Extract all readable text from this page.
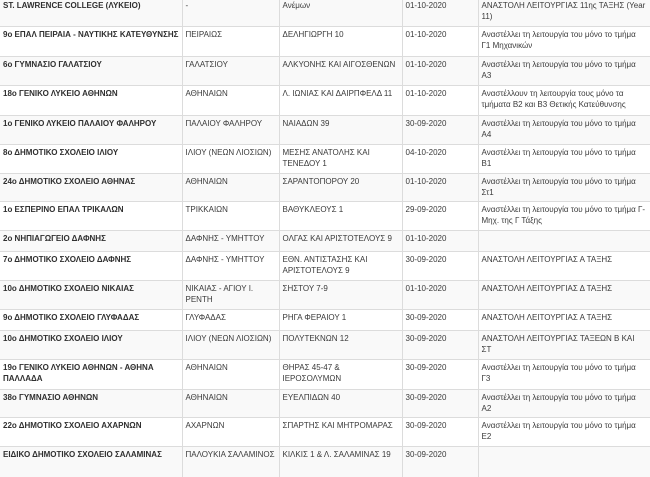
ST. LAWRENCE COLLEGE (ΛΥΚΕΙΟ)	-	Ανέμων	01-10-2020	ΑΝΑΣΤΟΛΗ ΛΕΙΤΟΥΡΓΙΑΣ 11ης ΤΑΞΗΣ (Year 11)
9ο ΕΠΑΛ ΠΕΙΡΑΙΑ - ΝΑΥΤΙΚΗΣ ΚΑΤΕΥΘΥΝΣΗΣ	ΠΕΙΡΑΙΩΣ	ΔΕΛΗΓΙΩΡΓΗ 10	01-10-2020	Αναστέλλει τη λειτουργία του μόνο το τμήμα Γ1 Μηχανικών
6ο ΓΥΜΝΑΣΙΟ ΓΑΛΑΤΣΙΟΥ	ΓΑΛΑΤΣΙΟΥ	ΑΛΚΥΟΝΗΣ ΚΑΙ ΑΙΓΟΣΘΕΝΩΝ	01-10-2020	Αναστέλλει τη λειτουργία του μόνο το τμήμα Α3
18ο ΓΕΝΙΚΟ ΛΥΚΕΙΟ ΑΘΗΝΩΝ	ΑΘΗΝΑΙΩΝ	Λ. ΙΩΝΙΑΣ ΚΑΙ ΔΑΙΡΠΦΕΛΔ 11	01-10-2020	Αναστέλλουν τη λειτουργία τους μόνο τα τμήματα Β2 και Β3 Θετικής Κατεύθυνσης
1ο ΓΕΝΙΚΟ ΛΥΚΕΙΟ ΠΑΛΑΙΟΥ ΦΑΛΗΡΟΥ	ΠΑΛΑΙΟΥ ΦΑΛΗΡΟΥ	ΝΑΙΑΔΩΝ 39	30-09-2020	Αναστέλλει τη λειτουργία του μόνο το τμήμα Α4
8ο ΔΗΜΟΤΙΚΟ ΣΧΟΛΕΙΟ ΙΛΙΟΥ	ΙΛΙΟΥ (ΝΕΩΝ ΛΙΟΣΙΩΝ)	ΜΕΣΗΣ ΑΝΑΤΟΛΗΣ ΚΑΙ ΤΕΝΕΔΟΥ 1	04-10-2020	Αναστέλλει τη λειτουργία του μόνο το τμήμα Β1
24ο ΔΗΜΟΤΙΚΟ ΣΧΟΛΕΙΟ ΑΘΗΝΑΣ	ΑΘΗΝΑΙΩΝ	ΣΑΡΑΝΤΟΠΟΡΟΥ 20	01-10-2020	Αναστέλλει τη λειτουργία του μόνο το τμήμα Στ1
1ο ΕΣΠΕΡΙΝΟ ΕΠΑΛ ΤΡΙΚΑΛΩΝ	ΤΡΙΚΚΑΙΩΝ	ΒΑΘΥΚΛΕΟΥΣ 1	29-09-2020	Αναστέλλει τη λειτουργία του μόνο το τμήμα Γ-Μηχ. της Γ Τάξης
2ο ΝΗΠΙΑΓΩΓΕΙΟ ΔΑΦΝΗΣ	ΔΑΦΝΗΣ - ΥΜΗΤΤΟΥ	ΟΛΓΑΣ ΚΑΙ ΑΡΙΣΤΟΤΕΛΟΥΣ 9	01-10-2020	
7ο ΔΗΜΟΤΙΚΟ ΣΧΟΛΕΙΟ ΔΑΦΝΗΣ	ΔΑΦΝΗΣ - ΥΜΗΤΤΟΥ	ΕΘΝ. ΑΝΤΙΣΤΑΣΗΣ ΚΑΙ ΑΡΙΣΤΟΤΕΛΟΥΣ 9	30-09-2020	ΑΝΑΣΤΟΛΗ ΛΕΙΤΟΥΡΓΙΑΣ Α ΤΑΞΗΣ
10ο ΔΗΜΟΤΙΚΟ ΣΧΟΛΕΙΟ ΝΙΚΑΙΑΣ	ΝΙΚΑΙΑΣ - ΑΓΙΟΥ Ι. ΡΕΝΤΗ	ΣΗΣΤΟΥ 7-9	01-10-2020	ΑΝΑΣΤΟΛΗ ΛΕΙΤΟΥΡΓΙΑΣ Δ ΤΑΞΗΣ
9ο ΔΗΜΟΤΙΚΟ ΣΧΟΛΕΙΟ ΓΛΥΦΑΔΑΣ	ΓΛΥΦΑΔΑΣ	ΡΗΓΑ ΦΕΡΑΙΟΥ 1	30-09-2020	ΑΝΑΣΤΟΛΗ ΛΕΙΤΟΥΡΓΙΑΣ Α ΤΑΞΗΣ
10ο ΔΗΜΟΤΙΚΟ ΣΧΟΛΕΙΟ ΙΛΙΟΥ	ΙΛΙΟΥ (ΝΕΩΝ ΛΙΟΣΙΩΝ)	ΠΟΛΥΤΕΚΝΩΝ 12	30-09-2020	ΑΝΑΣΤΟΛΗ ΛΕΙΤΟΥΡΓΙΑΣ ΤΑΞΕΩΝ Β ΚΑΙ ΣΤ
19ο ΓΕΝΙΚΟ ΛΥΚΕΙΟ ΑΘΗΝΩΝ - ΑΘΗΝΑ ΠΑΛΛΑΔΑ	ΑΘΗΝΑΙΩΝ	ΘΗΡΑΣ 45-47 & ΙΕΡΟΣΟΛΥΜΩΝ	30-09-2020	Αναστέλλει τη λειτουργία του μόνο το τμήμα Γ3
38ο ΓΥΜΝΑΣΙΟ ΑΘΗΝΩΝ	ΑΘΗΝΑΙΩΝ	ΕΥΕΛΠΙΔΩΝ 40	30-09-2020	Αναστέλλει τη λειτουργία του μόνο το τμήμα Α2
22ο ΔΗΜΟΤΙΚΟ ΣΧΟΛΕΙΟ ΑΧΑΡΝΩΝ	ΑΧΑΡΝΩΝ	ΣΠΑΡΤΗΣ ΚΑΙ ΜΗΤΡΟΜΑΡΑΣ	30-09-2020	Αναστέλλει τη λειτουργία του μόνο το τμήμα Ε2
ΕΙΔΙΚΟ ΔΗΜΟΤΙΚΟ ΣΧΟΛΕΙΟ ΣΑΛΑΜΙΝΑΣ	ΠΑΛΟΥΚΙΑ ΣΑΛΑΜΙΝΟΣ	ΚΙΛΚΙΣ 1 & Λ. ΣΑΛΑΜΙΝΑΣ 19	30-09-2020	
